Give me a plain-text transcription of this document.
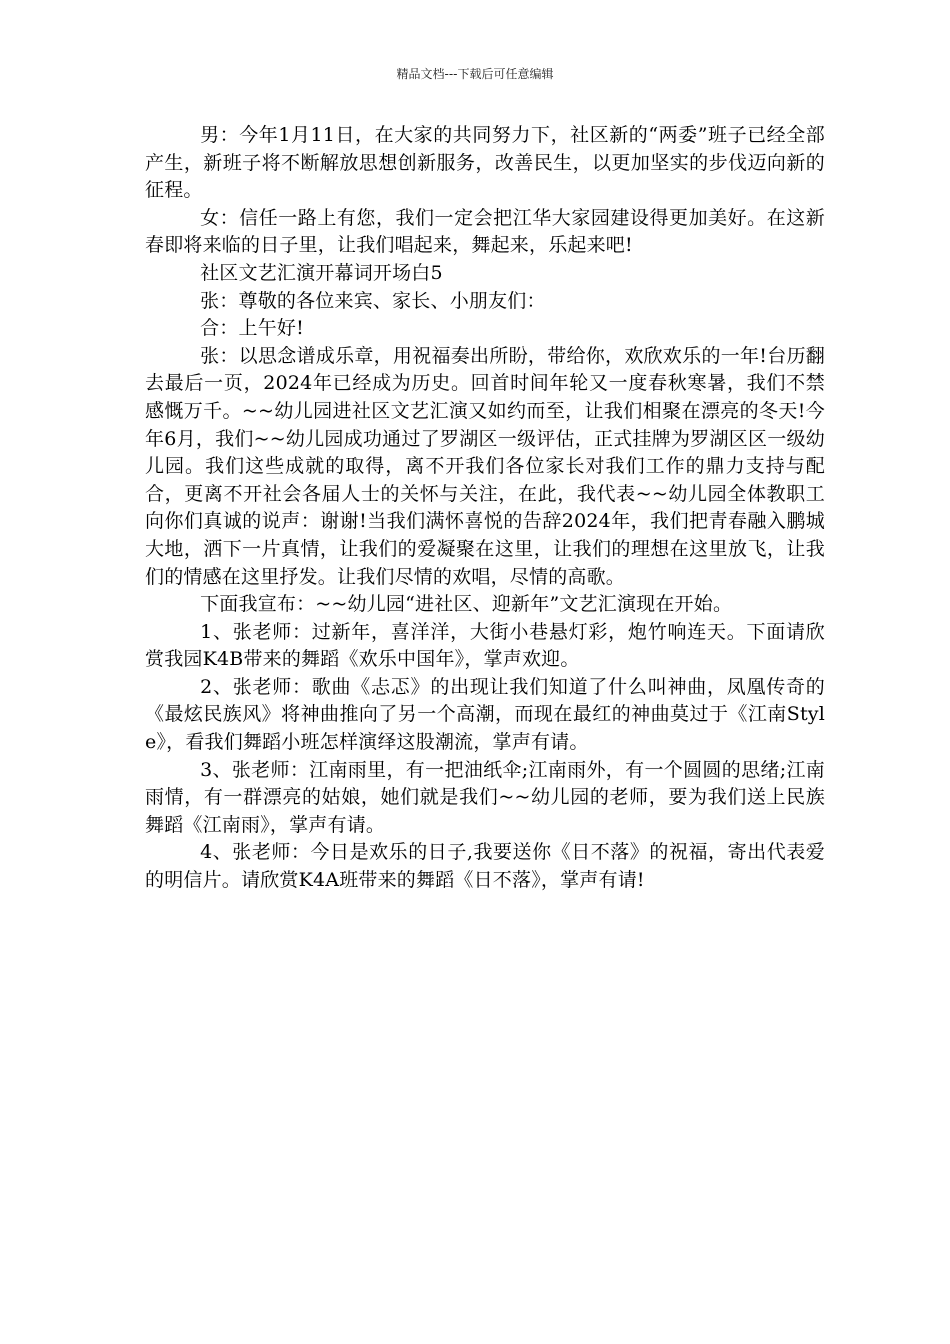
精品文档---下载后可任意编辑

男：今年1月11日，在大家的共同努力下，社区新的“两委”班子已经全部产生，新班子将不断解放思想创新服务，改善民生，以更加坚实的步伐迈向新的征程。

女：信任一路上有您，我们一定会把江华大家园建设得更加美好。在这新春即将来临的日子里，让我们唱起来，舞起来，乐起来吧!

社区文艺汇演开幕词开场白5

张：尊敬的各位来宾、家长、小朋友们：

合：上午好!

张：以思念谱成乐章，用祝福奏出所盼，带给你，欢欣欢乐的一年!台历翻去最后一页，2024年已经成为历史。回首时间年轮又一度春秋寒暑，我们不禁感慨万千。~~幼儿园进社区文艺汇演又如约而至，让我们相聚在漂亮的冬天!今年6月，我们~~幼儿园成功通过了罗湖区一级评估，正式挂牌为罗湖区区一级幼儿园。我们这些成就的取得，离不开我们各位家长对我们工作的鼎力支持与配合，更离不开社会各届人士的关怀与关注，在此，我代表~~幼儿园全体教职工向你们真诚的说声：谢谢!当我们满怀喜悦的告辞2024年，我们把青春融入鹏城大地，洒下一片真情，让我们的爱凝聚在这里，让我们的理想在这里放飞，让我们的情感在这里抒发。让我们尽情的欢唱，尽情的高歌。

下面我宣布：~~幼儿园“进社区、迎新年”文艺汇演现在开始。

1、张老师：过新年，喜洋洋，大街小巷悬灯彩，炮竹响连天。下面请欣赏我园K4B带来的舞蹈《欢乐中国年》，掌声欢迎。

2、张老师：歌曲《忐忑》的出现让我们知道了什么叫神曲，凤凰传奇的《最炫民族风》将神曲推向了另一个高潮，而现在最红的神曲莫过于《江南Style》，看我们舞蹈小班怎样演绎这股潮流，掌声有请。

3、张老师：江南雨里，有一把油纸伞;江南雨外，有一个圆圆的思绪;江南雨情，有一群漂亮的姑娘，她们就是我们~~幼儿园的老师，要为我们送上民族舞蹈《江南雨》，掌声有请。

4、张老师：今日是欢乐的日子,我要送你《日不落》的祝福，寄出代表爱的明信片。请欣赏K4A班带来的舞蹈《日不落》，掌声有请!
